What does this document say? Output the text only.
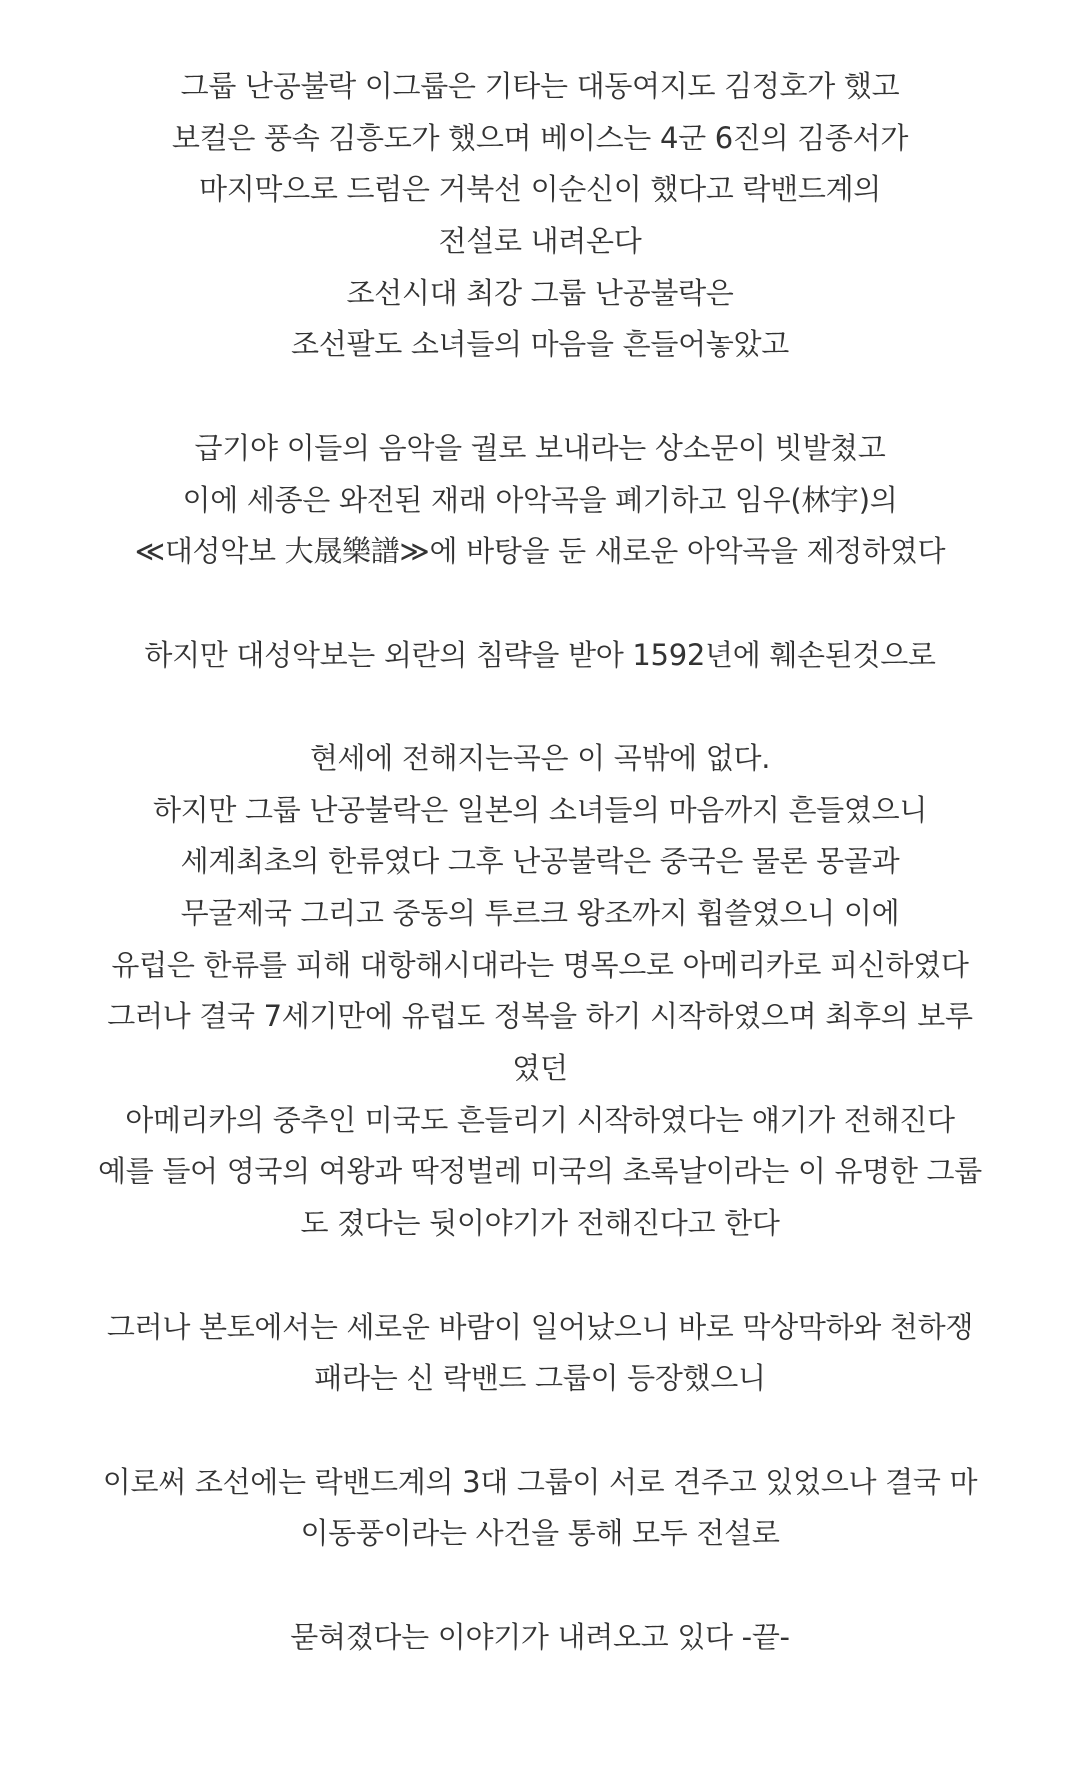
그룹 난공불락 이그룹은 기타는 대동여지도 김정호가 했고
보컬은 풍속 김흥도가 했으며 베이스는 4군 6진의 김종서가
마지막으로 드럼은 거북선 이순신이 했다고 락밴드계의
전설로 내려온다
조선시대 최강 그룹 난공불락은
조선팔도 소녀들의 마음을 흔들어놓았고
급기야 이들의 음악을 궐로 보내라는 상소문이 빗발쳤고
이에 세종은 와전된 재래 아악곡을 폐기하고 임우(林宇)의
≪대성악보 大晟樂譜≫에 바탕을 둔 새로운 아악곡을 제정하였다
하지만 대성악보는 외란의 침략을 받아 1592년에 훼손된것으로
현세에 전해지는곡은 이 곡밖에 없다.
하지만 그룹 난공불락은 일본의 소녀들의 마음까지 흔들였으니
세계최초의 한류였다 그후 난공불락은 중국은 물론 몽골과
무굴제국 그리고 중동의 투르크 왕조까지 휩쓸였으니 이에
유럽은 한류를 피해 대항해시대라는 명목으로 아메리카로 피신하였다
그러나 결국 7세기만에 유럽도 정복을 하기 시작하였으며 최후의 보루
였던
아메리카의 중추인 미국도 흔들리기 시작하였다는 얘기가 전해진다
예를 들어 영국의 여왕과 딱정벌레 미국의 초록날이라는 이 유명한 그룹
도 졌다는 뒷이야기가 전해진다고 한다
그러나 본토에서는 세로운 바람이 일어났으니 바로 막상막하와 천하쟁
패라는 신 락밴드 그룹이 등장했으니
이로써 조선에는 락밴드계의 3대 그룹이 서로 견주고 있었으나 결국 마
이동풍이라는 사건을 통해 모두 전설로
묻혀졌다는 이야기가 내려오고 있다 -끝-
